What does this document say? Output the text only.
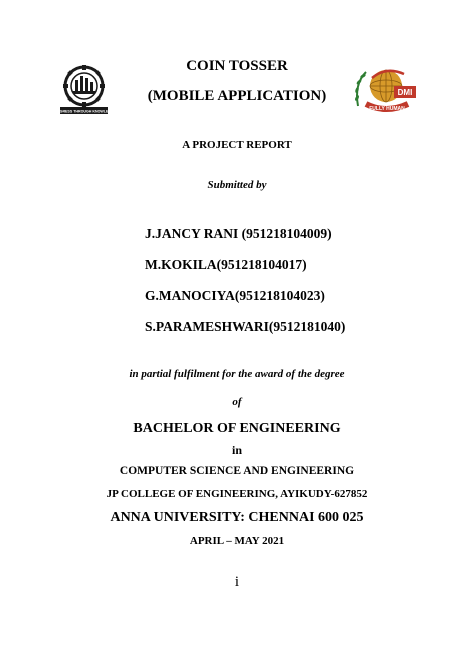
PROGRESS THROUGH KNOWLEDGE
DMI
FULLY HUMAN
COIN TOSSER
(MOBILE APPLICATION)
A PROJECT REPORT
Submitted by
J.JANCY RANI (951218104009)
M.KOKILA(951218104017)
G.MANOCIYA(951218104023)
S.PARAMESHWARI(9512181040)
in partial fulfilment for the award of the degree
of
BACHELOR OF ENGINEERING
in
COMPUTER SCIENCE AND ENGINEERING
JP COLLEGE OF ENGINEERING, AYIKUDY-627852
ANNA UNIVERSITY: CHENNAI 600 025
APRIL – MAY 2021
i
